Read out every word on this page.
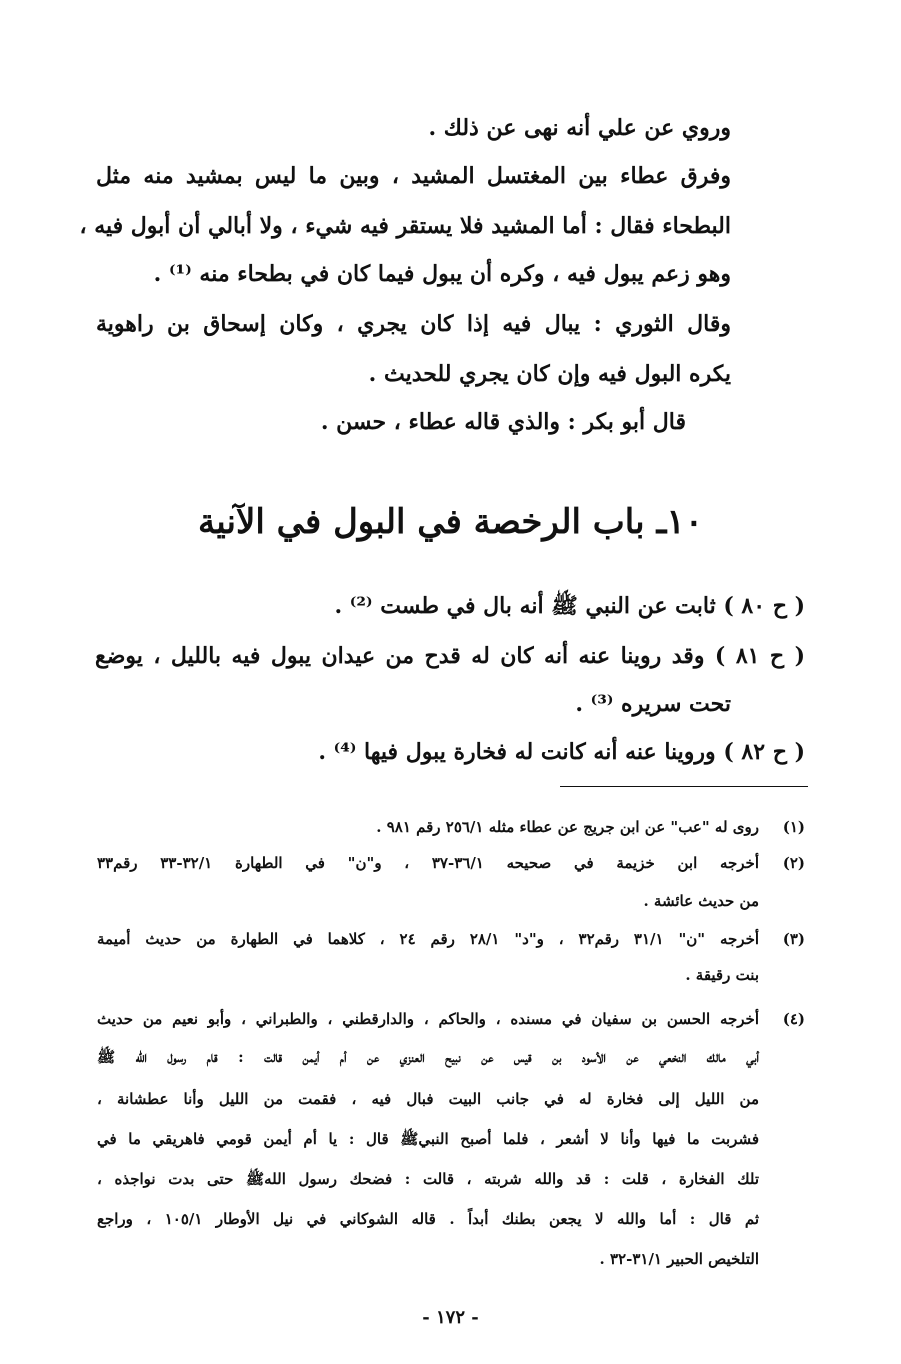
وروي عن علي أنه نهى عن ذلك .
وفرق عطاء بين المغتسل المشيد ، وبين ما ليس بمشيد منه مثل
البطحاء فقال : أما المشيد فلا يستقر فيه شيء ، ولا أبالي أن أبول فيه ،
وهو زعم يبول فيه ، وكره أن يبول فيما كان في بطحاء منه ⁽¹⁾ .
وقال الثوري : يبال فيه إذا كان يجري ، وكان إسحاق بن راهوية
يكره البول فيه وإن كان يجري للحديث .
قال أبو بكر : والذي قاله عطاء ، حسن .
١٠ـ باب الرخصة في البول في الآنية
( ح ٨٠ ) ثابت عن النبي ﷺ أنه بال في طست ⁽²⁾ .
( ح ٨١ ) وقد روينا عنه أنه كان له قدح من عيدان يبول فيه بالليل ، يوضع
تحت سريره ⁽³⁾ .
( ح ٨٢ ) وروينا عنه أنه كانت له فخارة يبول فيها ⁽⁴⁾ .
(١)
(٢)
(٣)
(٤)
روى له "عب" عن ابن جريج عن عطاء مثله ٢٥٦/١ رقم ٩٨١ .
أخرجه ابن خزيمة في صحيحه ٣٦/١-٣٧ ، و"ن" في الطهارة ٣٢/١-٣٣ رقم٣٣
من حديث عائشة .
أخرجه "ن" ٣١/١ رقم٣٢ ، و"د" ٢٨/١ رقم ٢٤ ، كلاهما في الطهارة من حديث أميمة
بنت رقيقة .
أخرجه الحسن بن سفيان في مسنده ، والحاكم ، والدارقطني ، والطبراني ، وأبو نعيم من حديث
أبي مالك النخعي عن الأسود بن قيس عن نبيح العنزي عن أم أيمن قالت : قام رسول الله ﷺ
من الليل إلى فخارة له في جانب البيت فبال فيه ، فقمت من الليل وأنا عطشانة ،
فشربت ما فيها وأنا لا أشعر ، فلما أصبح النبيﷺ قال : يا أم أيمن قومي فاهريقي ما في
تلك الفخارة ، قلت : قد والله شربته ، قالت : فضحك رسول اللهﷺ حتى بدت نواجذه ،
ثم قال : أما والله لا يجعن بطنك أبداً . قاله الشوكاني في نيل الأوطار ١٠٥/١ ، وراجع
التلخيص الحبير ٣١/١-٣٢ .
- ١٧٢ -
